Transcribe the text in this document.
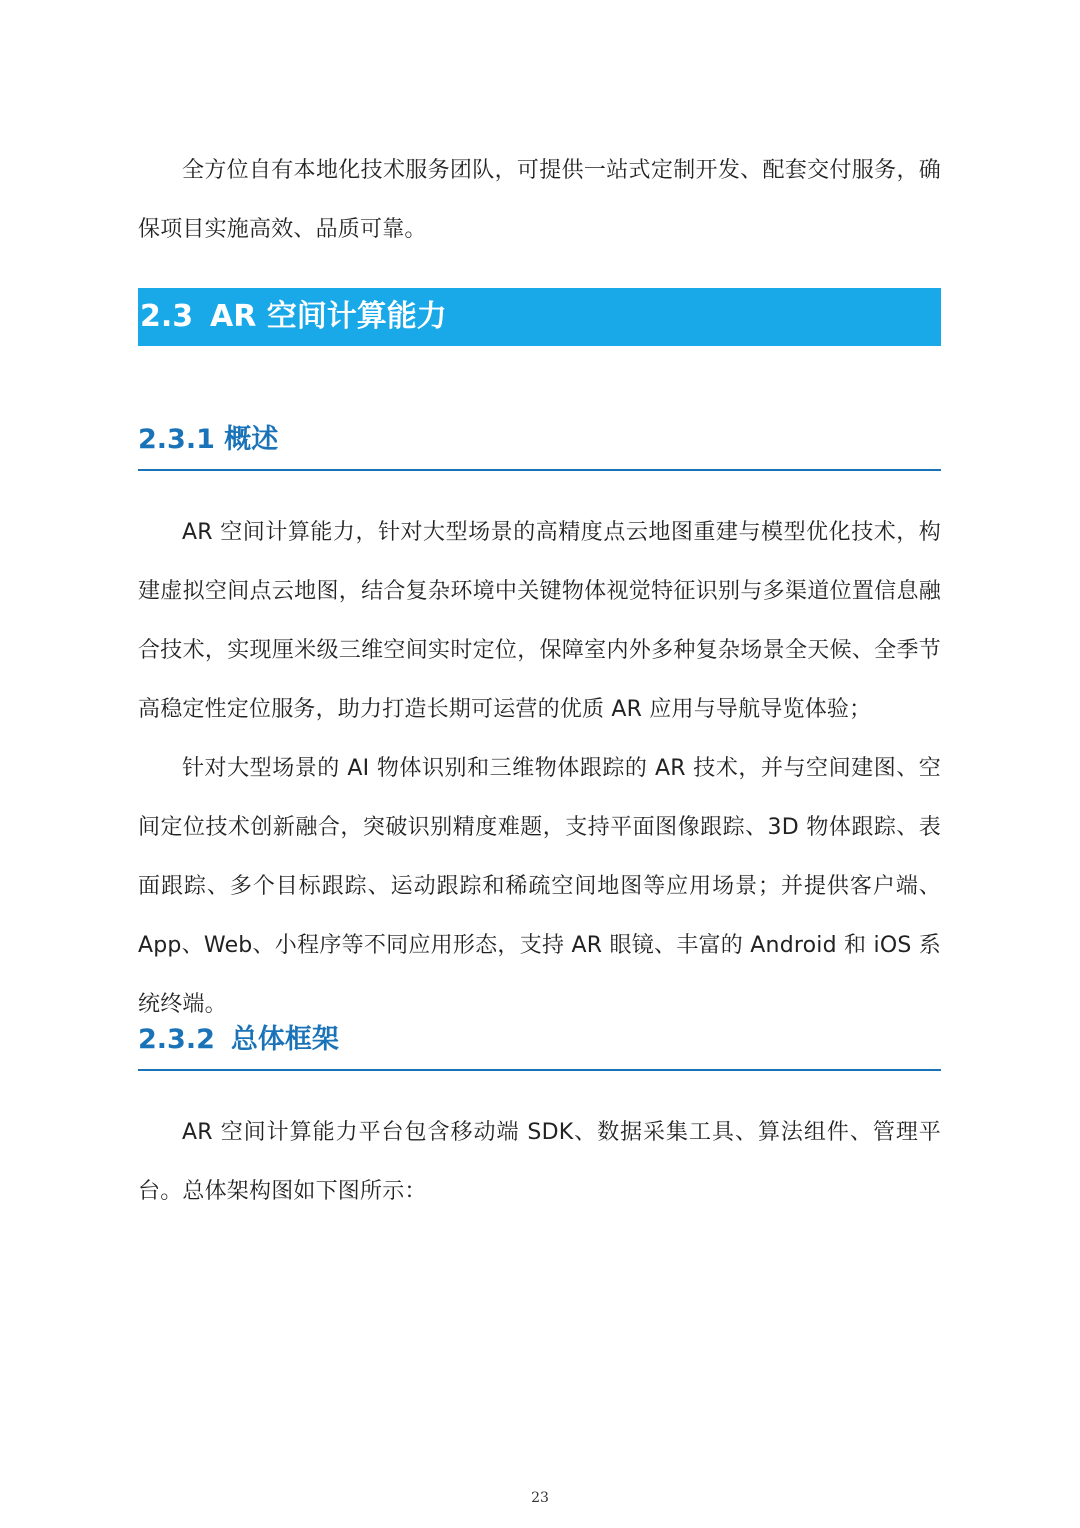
全方位自有本地化技术服务团队，可提供一站式定制开发、配套交付服务，确保项目实施高效、品质可靠。

2.3 AR 空间计算能力
2.3.1 概述

AR 空间计算能力，针对大型场景的高精度点云地图重建与模型优化技术，构建虚拟空间点云地图，结合复杂环境中关键物体视觉特征识别与多渠道位置信息融合技术，实现厘米级三维空间实时定位，保障室内外多种复杂场景全天候、全季节高稳定性定位服务，助力打造长期可运营的优质 AR 应用与导航导览体验；

针对大型场景的 AI 物体识别和三维物体跟踪的 AR 技术，并与空间建图、空间定位技术创新融合，突破识别精度难题，支持平面图像跟踪、3D 物体跟踪、表面跟踪、多个目标跟踪、运动跟踪和稀疏空间地图等应用场景；并提供客户端、App、Web、小程序等不同应用形态，支持 AR 眼镜、丰富的 Android 和 iOS 系统终端。

2.3.2 总体框架

AR 空间计算能力平台包含移动端 SDK、数据采集工具、算法组件、管理平台。总体架构图如下图所示：

23
